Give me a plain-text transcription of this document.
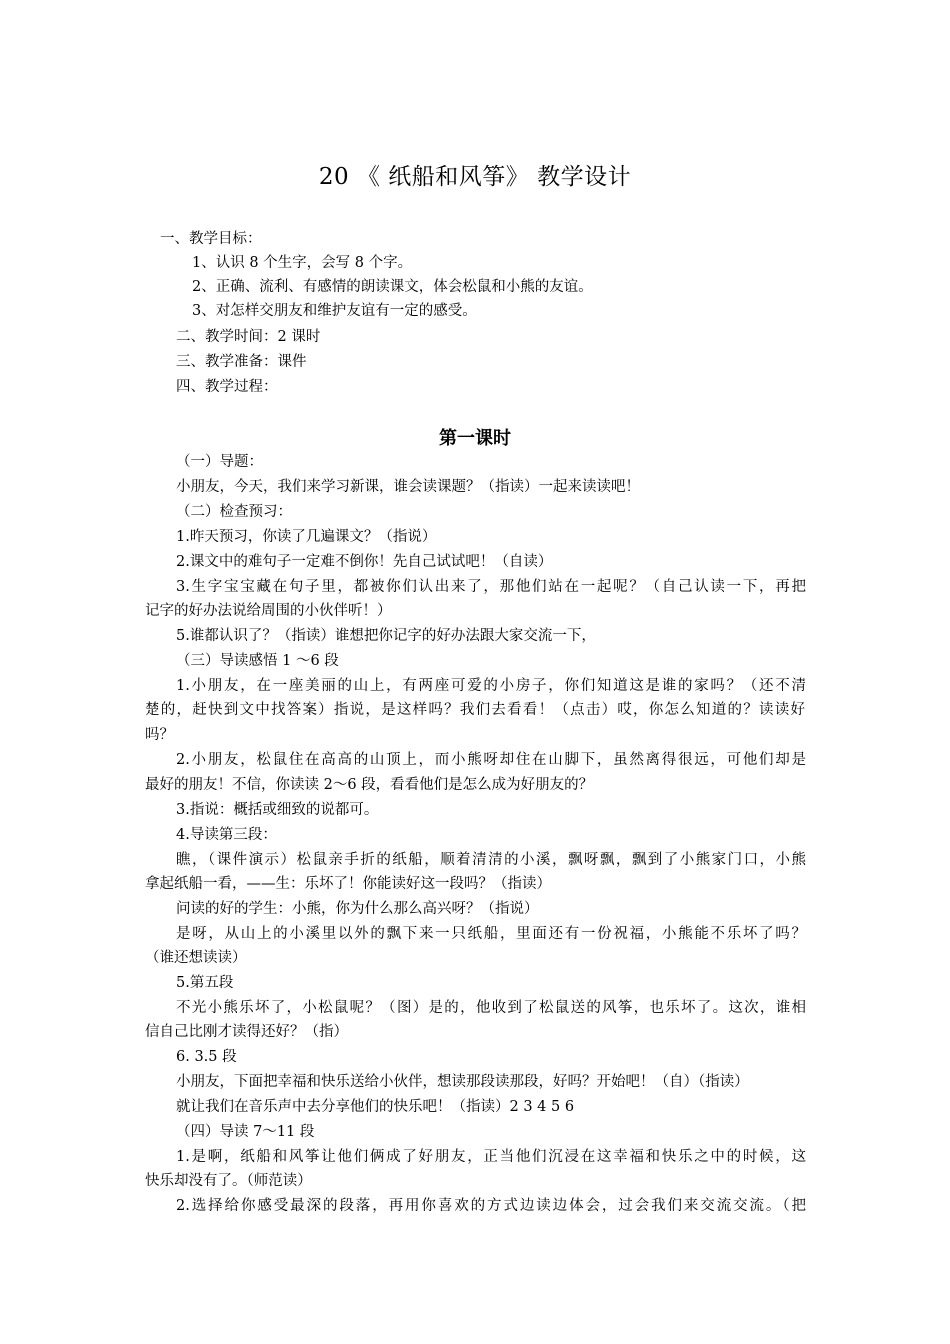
20 《 纸船和风筝》 教学设计
一、教学目标：
1、认识 8 个生字，会写 8 个字。
2、正确、流利、有感情的朗读课文，体会松鼠和小熊的友谊。
3、对怎样交朋友和维护友谊有一定的感受。
二、教学时间：2 课时
三、教学准备：课件
四、教学过程：
第一课时
（一）导题：
小朋友，今天，我们来学习新课，谁会读课题？（指读）一起来读读吧！
（二）检查预习：
1.昨天预习，你读了几遍课文？（指说）
2.课文中的难句子一定难不倒你！先自己试试吧！（自读）
3.生字宝宝藏在句子里，都被你们认出来了，那他们站在一起呢？（自己认读一下，再把
记字的好办法说给周围的小伙伴听！）
5.谁都认识了？（指读）谁想把你记字的好办法跟大家交流一下，
（三）导读感悟 1 ～6 段
1.小朋友，在一座美丽的山上，有两座可爱的小房子，你们知道这是谁的家吗？（还不清
楚的，赶快到文中找答案）指说，是这样吗？我们去看看！（点击）哎，你怎么知道的？读读好
吗？
2.小朋友，松鼠住在高高的山顶上，而小熊呀却住在山脚下，虽然离得很远，可他们却是
最好的朋友！不信，你读读 2～6 段，看看他们是怎么成为好朋友的？
3.指说：概括或细致的说都可。
4.导读第三段：
瞧，（课件演示）松鼠亲手折的纸船，顺着清清的小溪，飘呀飘，飘到了小熊家门口，小熊
拿起纸船一看，——生：乐坏了！你能读好这一段吗？（指读）
问读的好的学生：小熊，你为什么那么高兴呀？（指说）
是呀，从山上的小溪里以外的飘下来一只纸船，里面还有一份祝福，小熊能不乐坏了吗？
（谁还想读读）
5.第五段
不光小熊乐坏了，小松鼠呢？（图）是的，他收到了松鼠送的风筝，也乐坏了。这次，谁相
信自己比刚才读得还好？（指）
6. 3.5 段
小朋友，下面把幸福和快乐送给小伙伴，想读那段读那段，好吗？开始吧！（自）（指读）
就让我们在音乐声中去分享他们的快乐吧！（指读）2 3 4 5 6
（四）导读 7～11 段
1.是啊，纸船和风筝让他们俩成了好朋友，正当他们沉浸在这幸福和快乐之中的时候，这
快乐却没有了。（师范读）
2.选择给你感受最深的段落，再用你喜欢的方式边读边体会，过会我们来交流交流。（把
